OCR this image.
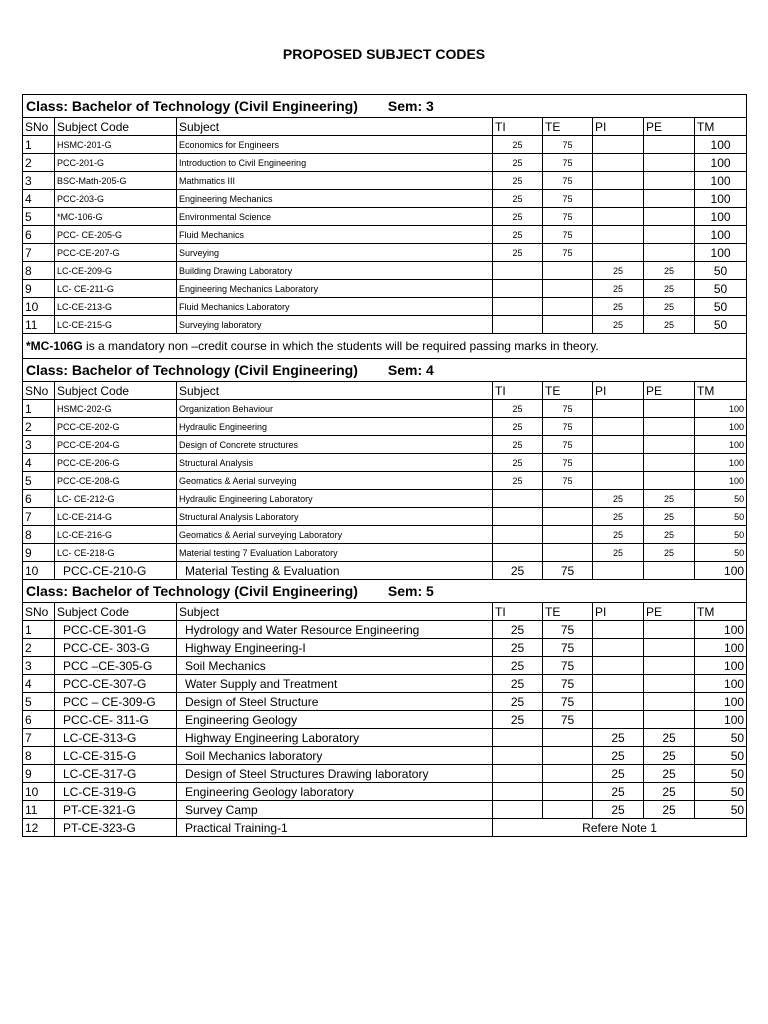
PROPOSED SUBJECT CODES
Class: Bachelor of Technology (Civil Engineering) Sem: 3							
SNo	Subject Code	Subject	TI	TE	PI	PE	TM
1	HSMC-201-G	Economics for Engineers	25	75			100
2	PCC-201-G	Introduction to Civil Engineering	25	75			100
3	BSC-Math-205-G	Mathmatics III	25	75			100
4	PCC-203-G	Engineering Mechanics	25	75			100
5	*MC-106-G	Environmental Science	25	75			100
6	PCC- CE-205-G	Fluid Mechanics	25	75			100
7	PCC-CE-207-G	Surveying	25	75			100
8	LC-CE-209-G	Building Drawing Laboratory			25	25	50
9	LC- CE-211-G	Engineering Mechanics Laboratory			25	25	50
10	LC-CE-213-G	Fluid Mechanics Laboratory			25	25	50
11	LC-CE-215-G	Surveying laboratory			25	25	50
*MC-106G is a mandatory non –credit course in which the students will be required passing marks in theory.							
Class: Bachelor of Technology (Civil Engineering) Sem: 4							
SNo	Subject Code	Subject	TI	TE	PI	PE	TM
1	HSMC-202-G	Organization Behaviour	25	75			100
2	PCC-CE-202-G	Hydraulic Engineering	25	75			100
3	PCC-CE-204-G	Design of Concrete structures	25	75			100
4	PCC-CE-206-G	Structural Analysis	25	75			100
5	PCC-CE-208-G	Geomatics & Aerial surveying	25	75			100
6	LC- CE-212-G	Hydraulic Engineering Laboratory			25	25	50
7	LC-CE-214-G	Structural Analysis Laboratory			25	25	50
8	LC-CE-216-G	Geomatics & Aerial surveying Laboratory			25	25	50
9	LC- CE-218-G	Material testing 7 Evaluation Laboratory			25	25	50
10	PCC-CE-210-G	Material Testing & Evaluation	25	75			100
Class: Bachelor of Technology (Civil Engineering) Sem: 5							
SNo	Subject Code	Subject	TI	TE	PI	PE	TM
1	PCC-CE-301-G	Hydrology and Water Resource Engineering	25	75			100
2	PCC-CE- 303-G	Highway Engineering-I	25	75			100
3	PCC –CE-305-G	Soil Mechanics	25	75			100
4	PCC-CE-307-G	Water Supply and Treatment	25	75			100
5	PCC – CE-309-G	Design of Steel Structure	25	75			100
6	PCC-CE- 311-G	Engineering Geology	25	75			100
7	LC-CE-313-G	Highway Engineering Laboratory			25	25	50
8	LC-CE-315-G	Soil Mechanics laboratory			25	25	50
9	LC-CE-317-G	Design of Steel Structures Drawing laboratory			25	25	50
10	LC-CE-319-G	Engineering Geology laboratory			25	25	50
11	PT-CE-321-G	Survey Camp			25	25	50
12	PT-CE-323-G	Practical Training-1	Refere Note 1				
